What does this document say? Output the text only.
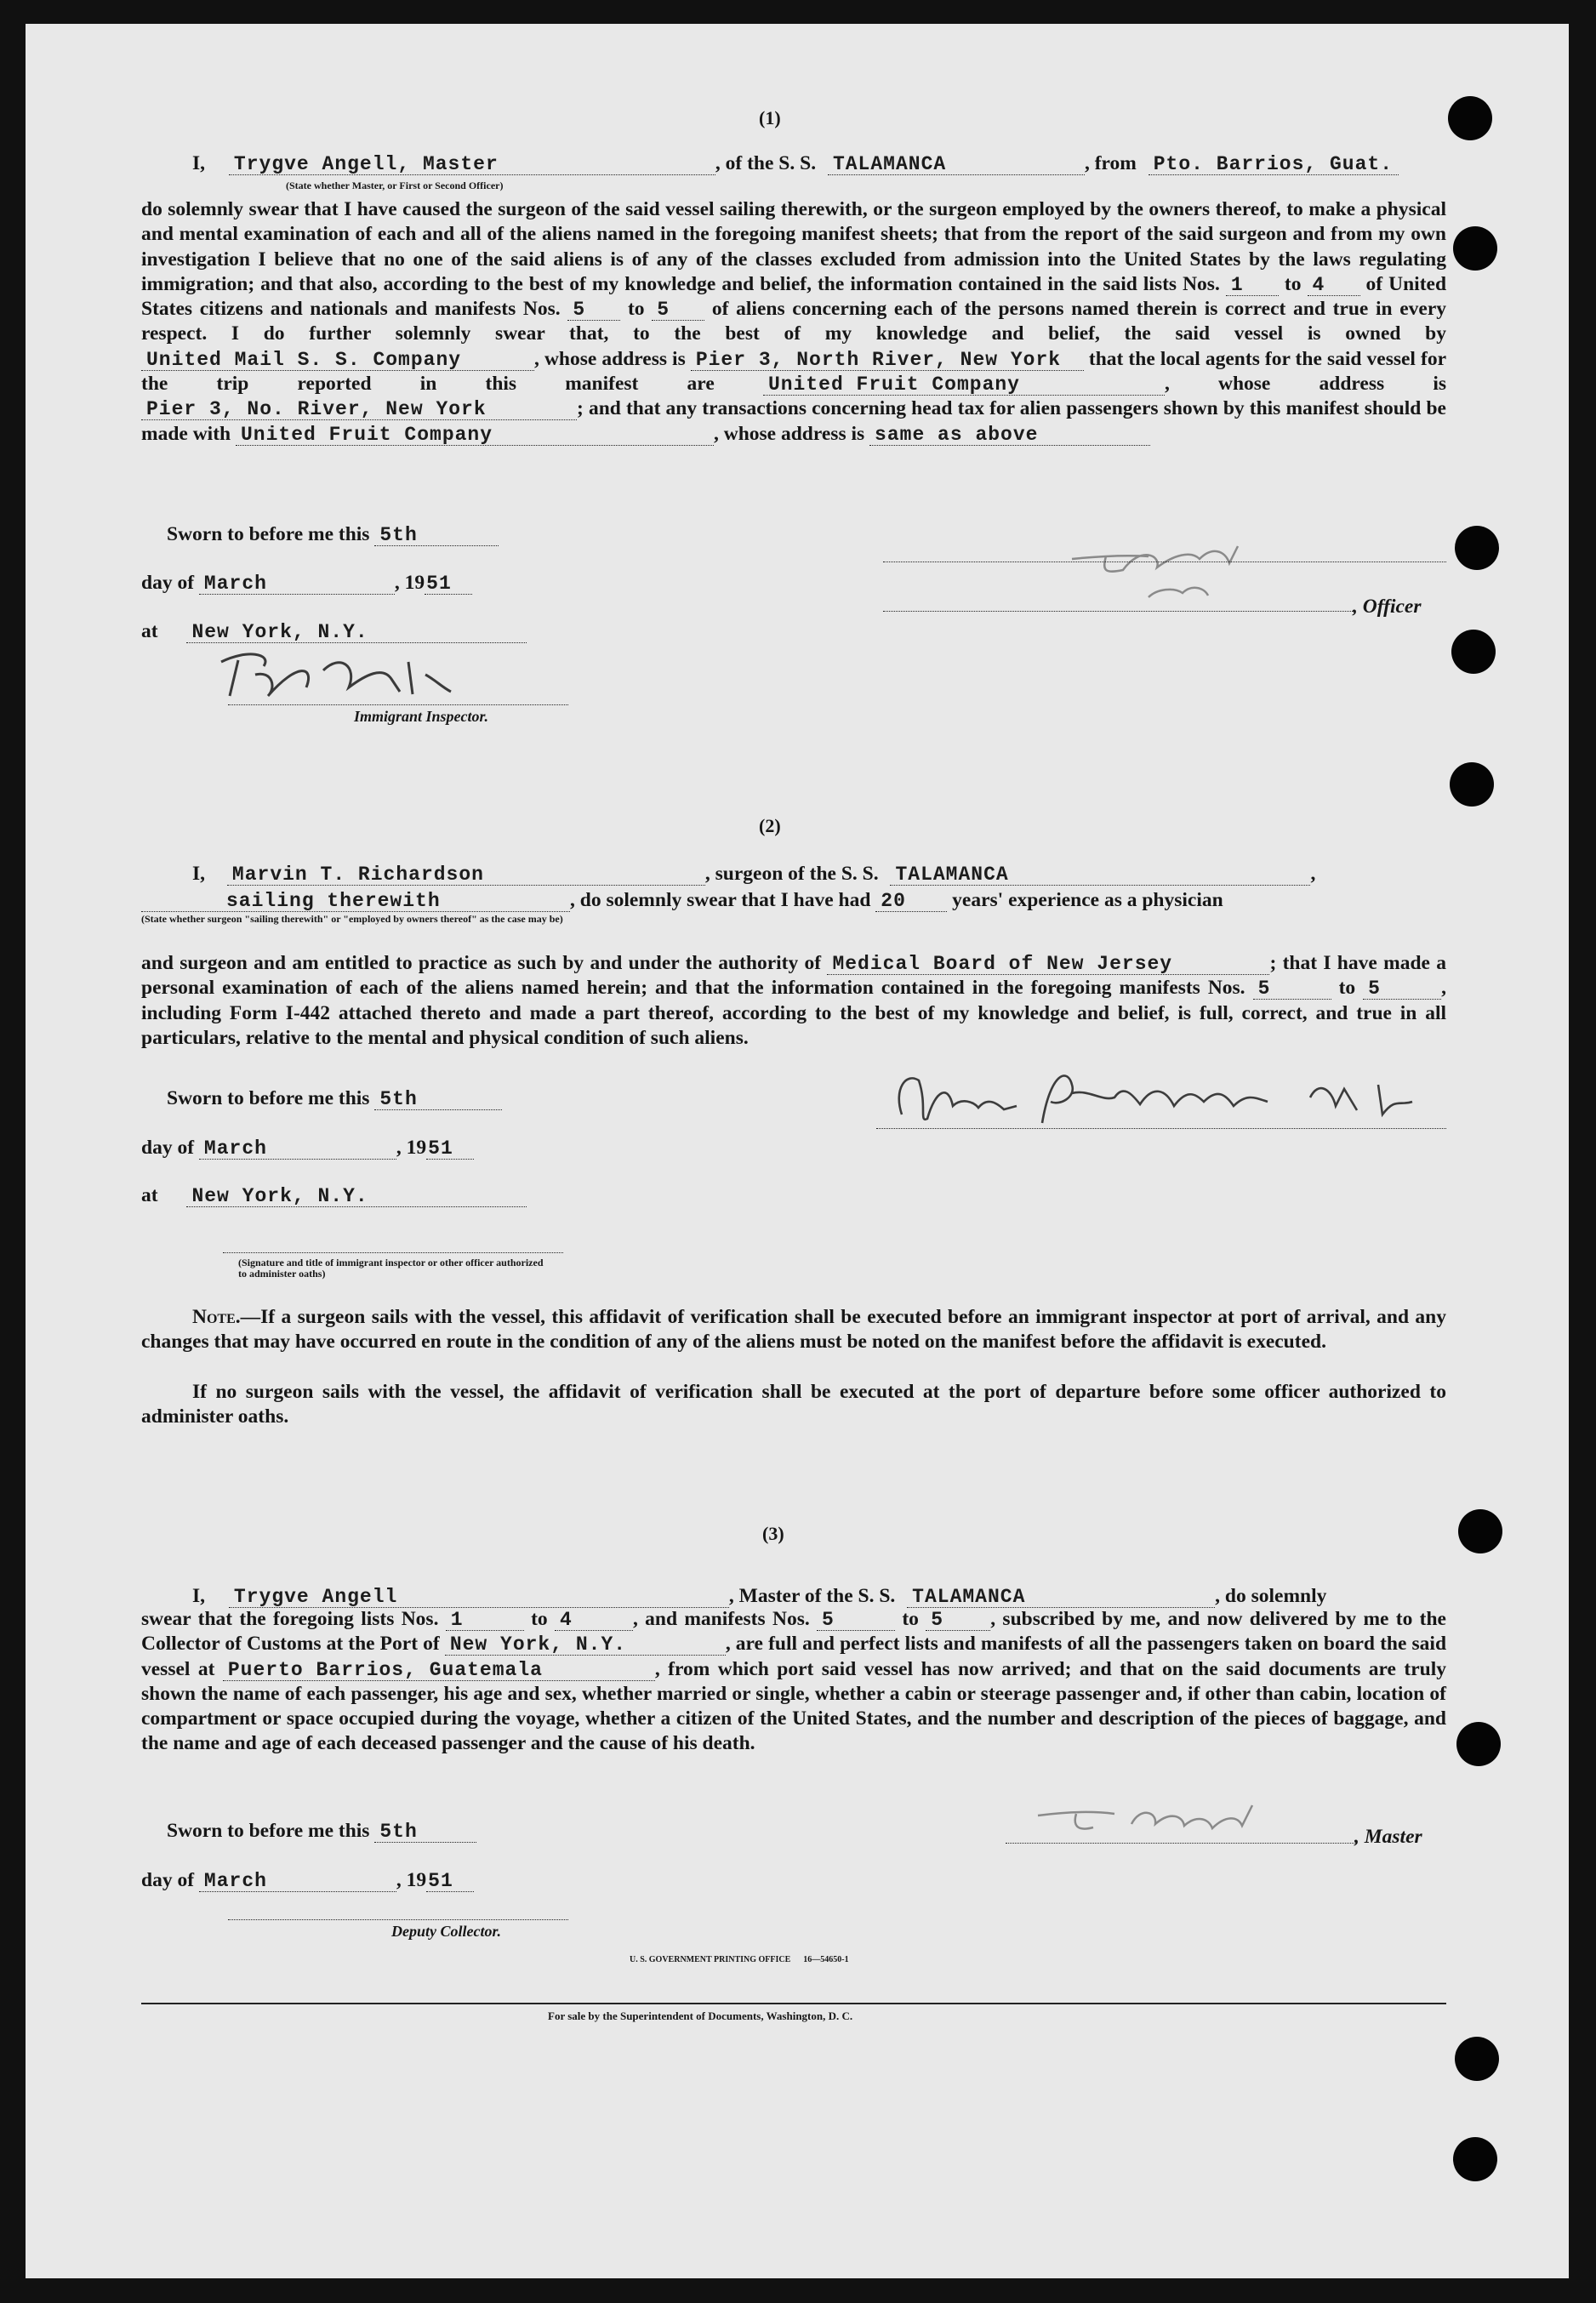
(1)
I, Trygve Angell, Master	, of the S. S. TALAMANCA	, from Pto. Barrios, Guat.
(State whether Master, or First or Second Officer)
do solemnly swear that I have caused the surgeon of the said vessel sailing therewith, or the surgeon employed by the owners thereof, to make a physical and mental examination of each and all of the aliens named in the foregoing manifest sheets; that from the report of the said surgeon and from my own investigation I believe that no one of the said aliens is of any of the classes excluded from admission into the United States by the laws regulating immigration; and that also, according to the best of my knowledge and belief, the information contained in the said lists Nos. 1 to 4 of United States citizens and nationals and manifests Nos. 5 to 5 of aliens concerning each of the persons named therein is correct and true in every respect. I do further solemnly swear that, to the best of my knowledge and belief, the said vessel is owned by United Mail S. S. Company	, whose address is Pier 3, North River, New York that the local agents for the said vessel for the trip reported in this manifest are	United Fruit Company	, whose address is Pier 3, No. River, New York	; and that any transactions concerning head tax for alien passengers shown by this manifest should be made with United Fruit Company	, whose address is same as above
Sworn to before me this 5th
day of March	, 1951
at New York, N.Y.
Immigrant Inspector.
, Officer
(2)
I, Marvin T. Richardson	, surgeon of the S. S. TALAMANCA	,
sailing therewith	, do solemnly swear that I have had 20 years' experience as a physician
(State whether surgeon "sailing therewith" or "employed by owners thereof" as the case may be)
and surgeon and am entitled to practice as such by and under the authority of Medical Board of New Jersey	; that I have made a personal examination of each of the aliens named herein; and that the information contained in the foregoing manifests Nos. 5	to 5	, including Form I-442 attached thereto and made a part thereof, according to the best of my knowledge and belief, is full, correct, and true in all particulars, relative to the mental and physical condition of such aliens.
Sworn to before me this 5th
day of March	, 1951
at New York, N.Y.
(Signature and title of immigrant inspector or other officer authorized to administer oaths)
Note.—If a surgeon sails with the vessel, this affidavit of verification shall be executed before an immigrant inspector at port of arrival, and any changes that may have occurred en route in the condition of any of the aliens must be noted on the manifest before the affidavit is executed.
If no surgeon sails with the vessel, the affidavit of verification shall be executed at the port of departure before some officer authorized to administer oaths.
(3)
I, Trygve Angell	, Master of the S. S. TALAMANCA	, do solemnly
swear that the foregoing lists Nos. 1	to 4	, and manifests Nos. 5	to 5 , subscribed by me, and now delivered by me to the Collector of Customs at the Port of New York, N.Y.	, are full and perfect lists and manifests of all the passengers taken on board the said vessel at Puerto Barrios, Guatemala	, from which port said vessel has now arrived; and that on the said documents are truly shown the name of each passenger, his age and sex, whether married or single, whether a cabin or steerage passenger and, if other than cabin, location of compartment or space occupied during the voyage, whether a citizen of the United States, and the number and description of the pieces of baggage, and the name and age of each deceased passenger and the cause of his death.
Sworn to before me this 5th
day of March	, 1951
, Master
Deputy Collector.
U. S. GOVERNMENT PRINTING OFFICE      16—54650-1
For sale by the Superintendent of Documents, Washington, D. C.
